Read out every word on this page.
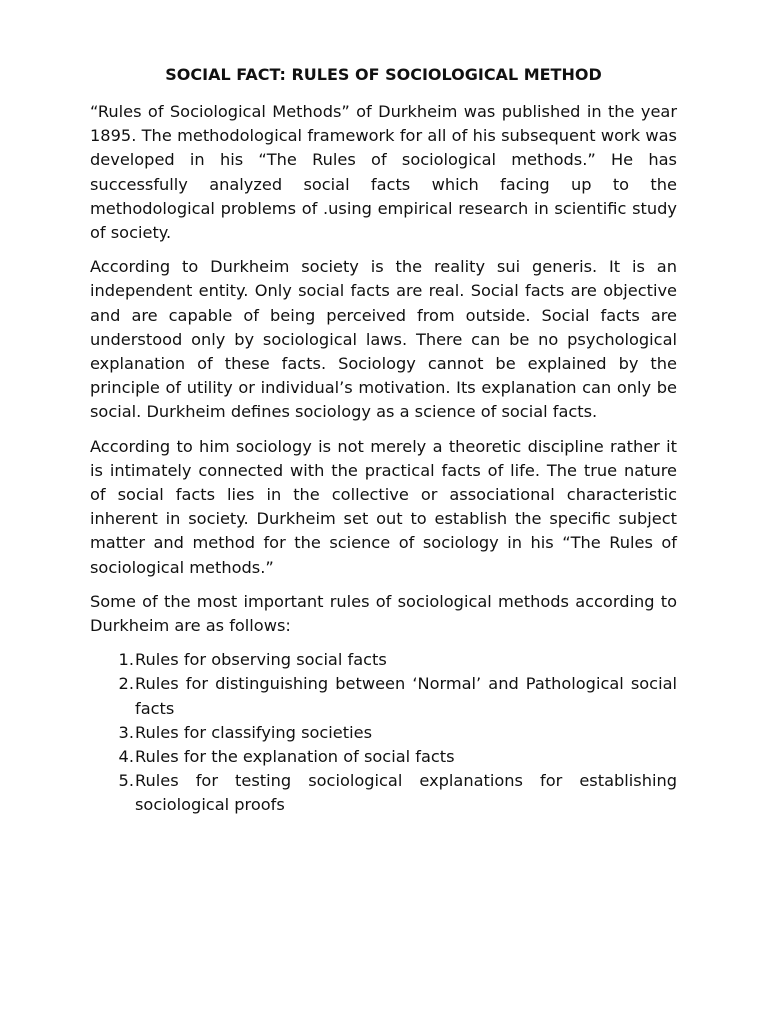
SOCIAL FACT: RULES OF SOCIOLOGICAL METHOD

“Rules of Sociological Methods” of Durkheim was published in the year 1895. The methodological framework for all of his subsequent work was developed in his “The Rules of sociological methods.” He has successfully analyzed social facts which facing up to the methodological problems of .using empirical research in scientific study of society.

According to Durkheim society is the reality sui generis. It is an independent entity. Only social facts are real. Social facts are objective and are capable of being perceived from outside. Social facts are understood only by sociological laws. There can be no psychological explanation of these facts. Sociology cannot be explained by the principle of utility or individual’s motivation. Its explanation can only be social. Durkheim defines sociology as a science of social facts.

According to him sociology is not merely a theoretic discipline rather it is intimately connected with the practical facts of life. The true nature of social facts lies in the collective or associational characteristic inherent in society. Durkheim set out to establish the specific subject matter and method for the science of sociology in his “The Rules of sociological methods.”

Some of the most important rules of sociological methods according to Durkheim are as follows:

1. Rules for observing social facts
2. Rules for distinguishing between ‘Normal’ and Pathological social facts
3. Rules for classifying societies
4. Rules for the explanation of social facts
5. Rules for testing sociological explanations for establishing sociological proofs
